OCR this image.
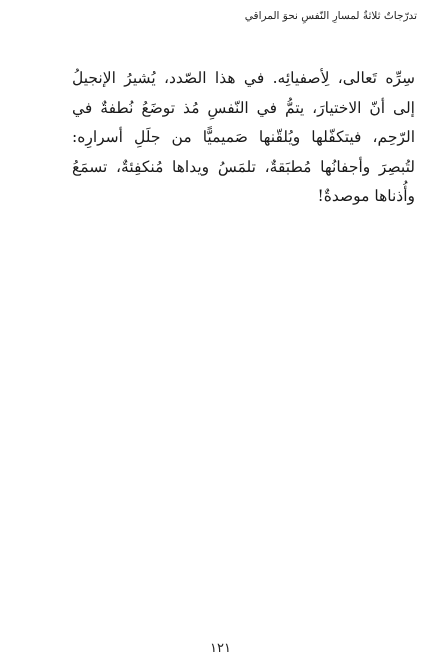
تدرّجاتٌ ثلاثةٌ لمسارِ النّفسِ نحوَ المراقي

سِرِّه تَعالى، لِأصفيائِه. في هذا الصّدد، يُشيرُ الإنجيلُ إلى أنّ الاختيارَ، يتمُّ في النّفسِ مُذ توضَعُ نُطفةٌ في الرّحِم، فيتكفّلها ويُلقّنها صَميميًّا من جلَلِ أسرارِه: لتُبصِرَ وأجفانُها مُطبَقةٌ، تلمَسُ ويداها مُنكفِئةٌ، تسمَعُ وأُذناها موصدةٌ!

١٢١
